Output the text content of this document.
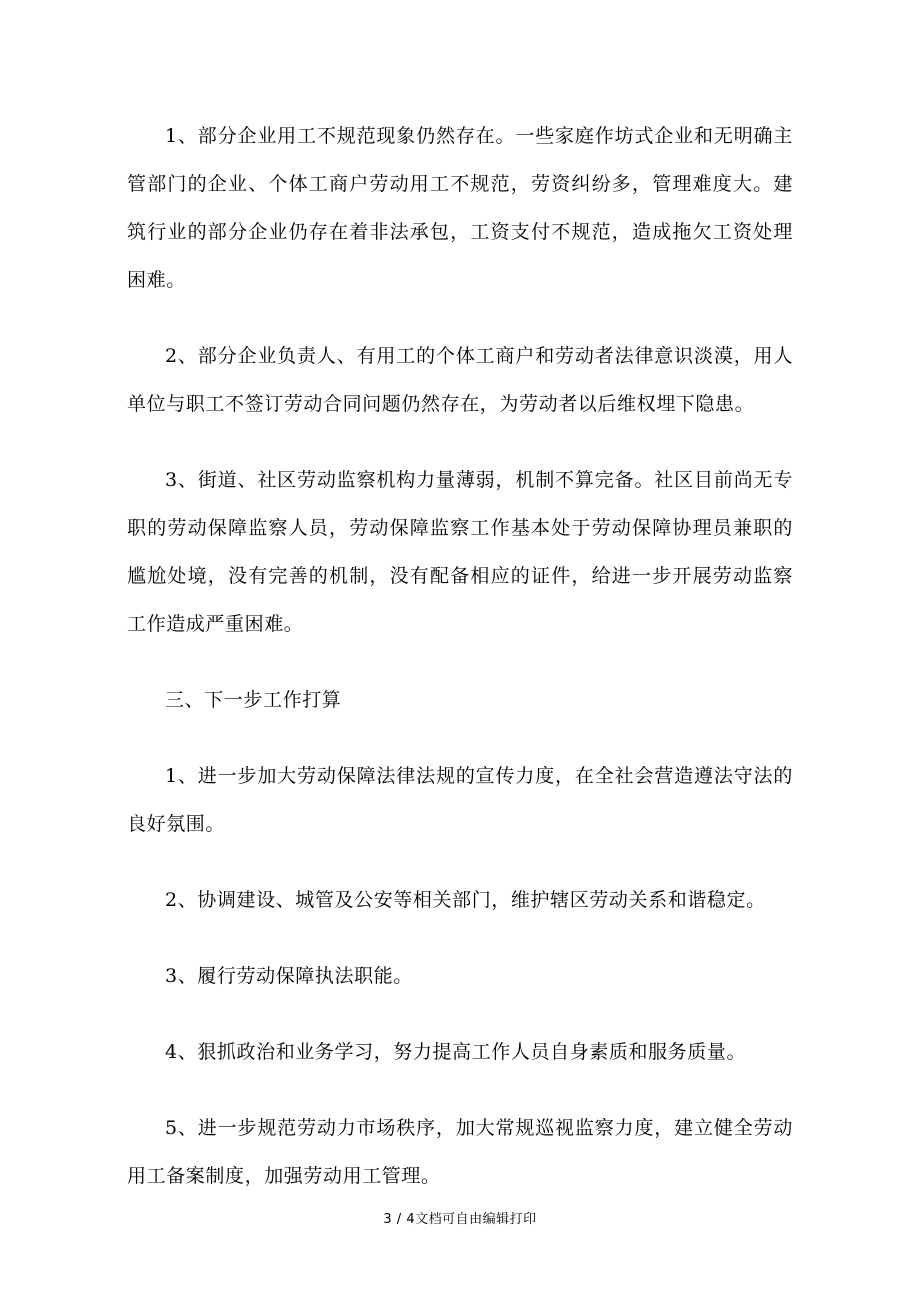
1、部分企业用工不规范现象仍然存在。一些家庭作坊式企业和无明确主管部门的企业、个体工商户劳动用工不规范，劳资纠纷多，管理难度大。建筑行业的部分企业仍存在着非法承包，工资支付不规范，造成拖欠工资处理困难。

2、部分企业负责人、有用工的个体工商户和劳动者法律意识淡漠，用人单位与职工不签订劳动合同问题仍然存在，为劳动者以后维权埋下隐患。

3、街道、社区劳动监察机构力量薄弱，机制不算完备。社区目前尚无专职的劳动保障监察人员，劳动保障监察工作基本处于劳动保障协理员兼职的尴尬处境，没有完善的机制，没有配备相应的证件，给进一步开展劳动监察工作造成严重困难。

三、下一步工作打算

1、进一步加大劳动保障法律法规的宣传力度，在全社会营造遵法守法的良好氛围。

2、协调建设、城管及公安等相关部门，维护辖区劳动关系和谐稳定。

3、履行劳动保障执法职能。

4、狠抓政治和业务学习，努力提高工作人员自身素质和服务质量。

5、进一步规范劳动力市场秩序，加大常规巡视监察力度，建立健全劳动用工备案制度，加强劳动用工管理。

3 / 4文档可自由编辑打印
